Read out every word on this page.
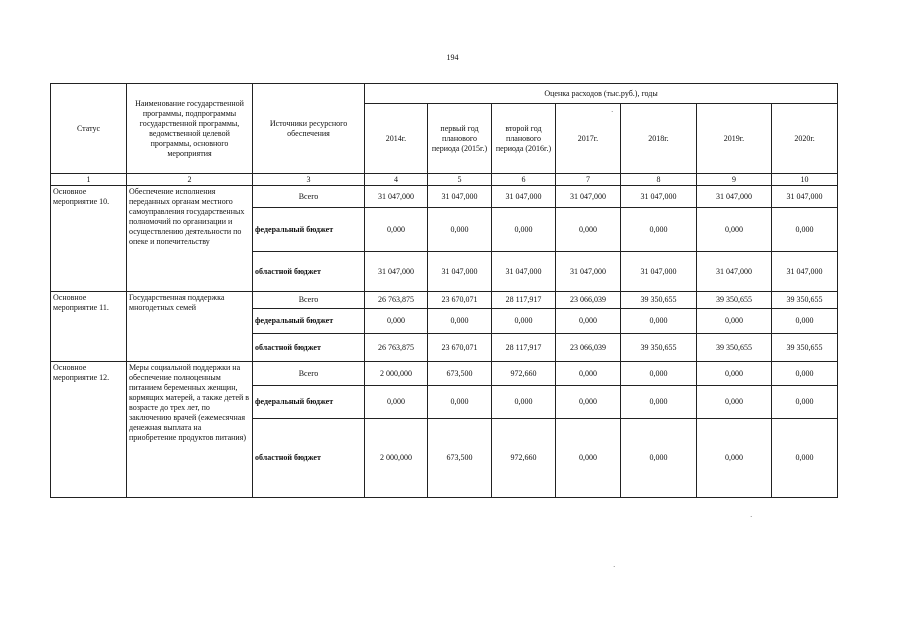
194
Статус	Наименование государственной программы, подпрограммы государственной программы, ведомственной целевой программы, основного мероприятия	Источники ресурсного обеспечения	Оценка расходов (тыс.руб.), годы						
			2014г.	первый год планового периода (2015г.)	второй год планового периода (2016г.)	2017г.	2018г.	2019г.	2020г.
1	2	3	4	5	6	7	8	9	10
Основное мероприятие 10.	Обеспечение исполнения переданных органам местного самоуправления государственных полномочий по организации и осуществлению деятельности по опеке и попечительству	Всего	31 047,000	31 047,000	31 047,000	31 047,000	31 047,000	31 047,000	31 047,000
		федеральный бюджет	0,000	0,000	0,000	0,000	0,000	0,000	0,000
		областной бюджет	31 047,000	31 047,000	31 047,000	31 047,000	31 047,000	31 047,000	31 047,000
Основное мероприятие 11.	Государственная поддержка многодетных семей	Всего	26 763,875	23 670,071	28 117,917	23 066,039	39 350,655	39 350,655	39 350,655
		федеральный бюджет	0,000	0,000	0,000	0,000	0,000	0,000	0,000
		областной бюджет	26 763,875	23 670,071	28 117,917	23 066,039	39 350,655	39 350,655	39 350,655
Основное мероприятие 12.	Меры социальной поддержки на обеспечение полноценным питанием беременных женщин, кормящих матерей, а также детей в возрасте до трех лет, по заключению врачей (ежемесячная денежная выплата на приобретение продуктов питания)	Всего	2 000,000	673,500	972,660	0,000	0,000	0,000	0,000
		федеральный бюджет	0,000	0,000	0,000	0,000	0,000	0,000	0,000
		областной бюджет	2 000,000	673,500	972,660	0,000	0,000	0,000	0,000
·
·
·
